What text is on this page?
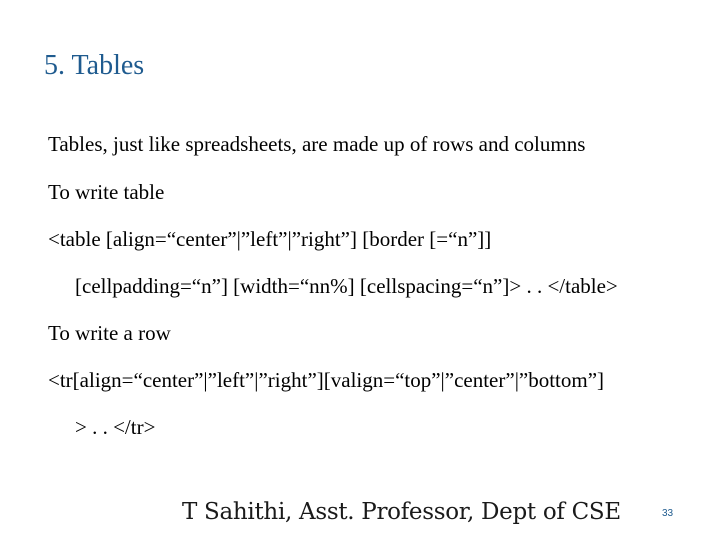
5. Tables
Tables, just like spreadsheets, are made up of rows and columns
To write table
<table [align=“center”|”left”|”right”] [border [=“n”]]
[cellpadding=“n”] [width=“nn%] [cellspacing=“n”]> . . </table>
To write a row
<tr[align=“center”|”left”|”right”][valign=“top”|”center”|”bottom”]
> . . </tr>
T Sahithi, Asst. Professor, Dept of CSE	33
